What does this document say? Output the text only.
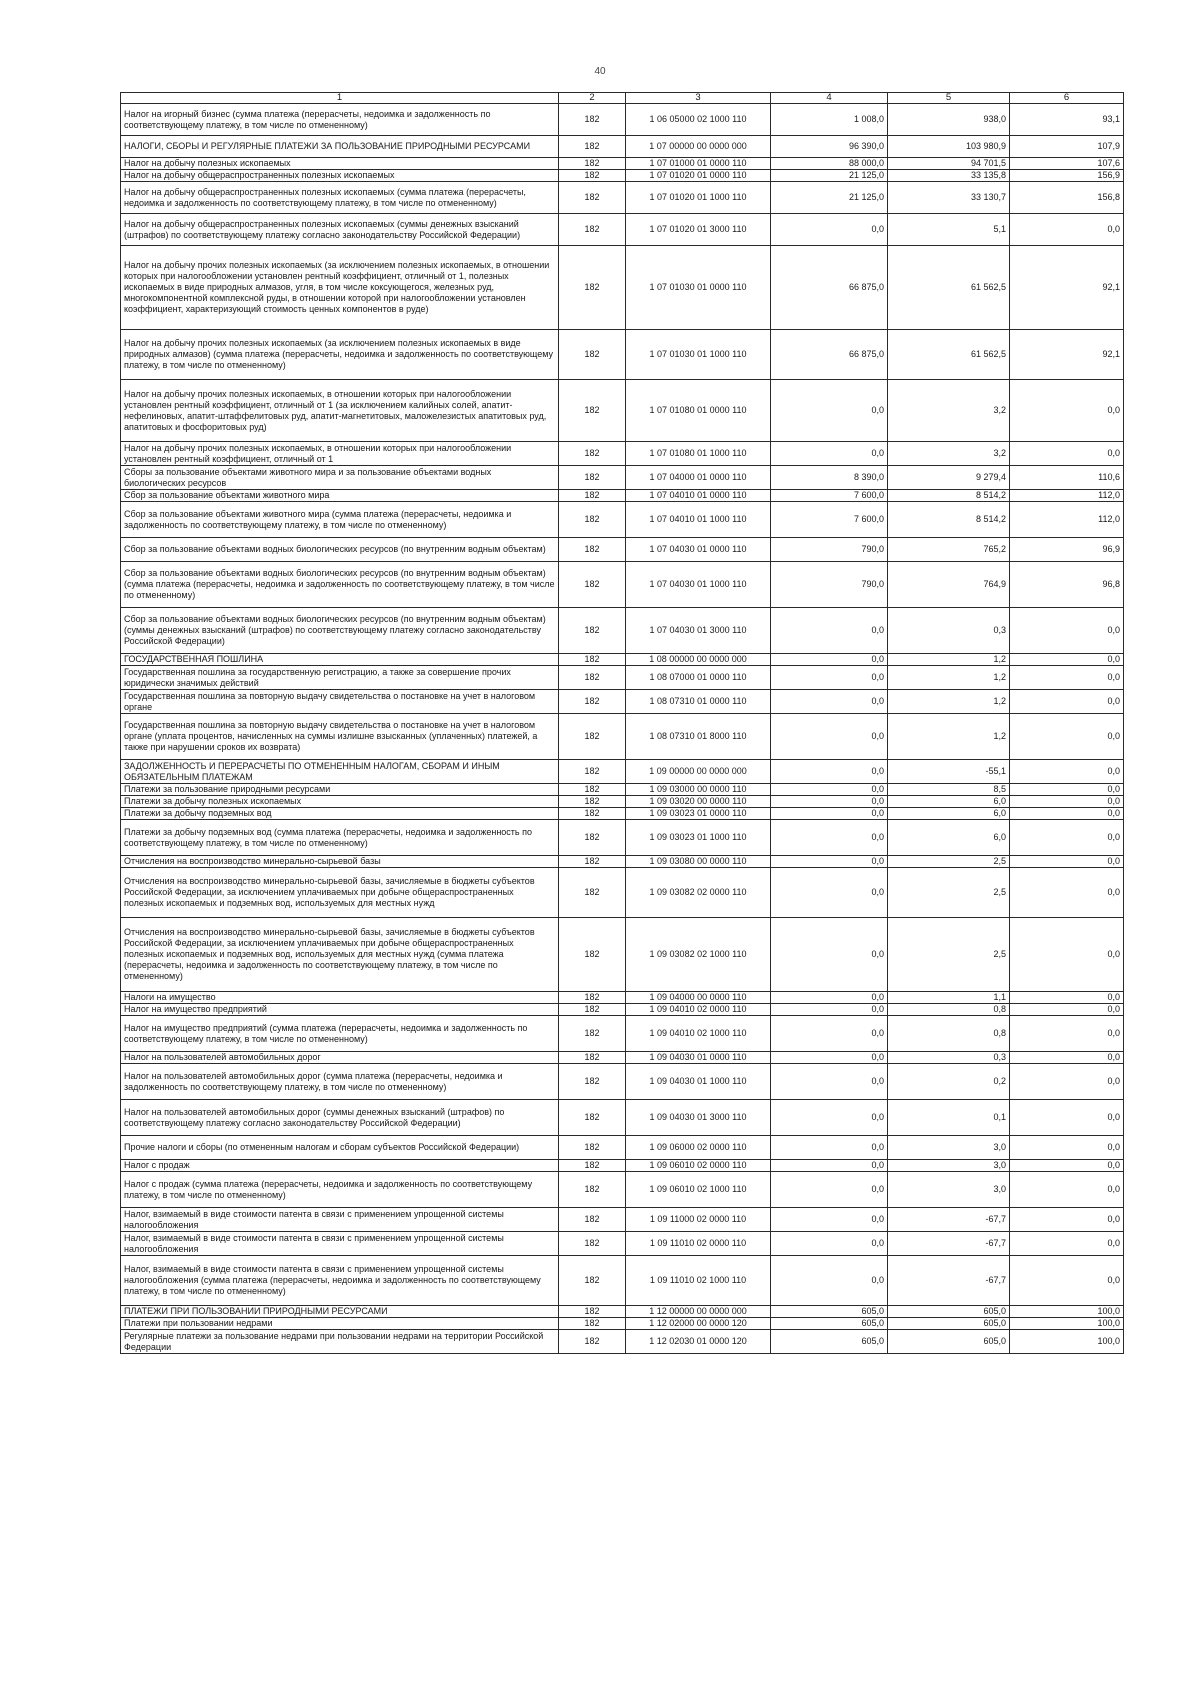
40
1	2	3	4	5	6
Налог на игорный бизнес (сумма платежа (перерасчеты, недоимка и задолженность по соответствующему платежу, в том числе по отмененному)	182	1 06 05000 02 1000 110	1 008,0	938,0	93,1
НАЛОГИ, СБОРЫ И РЕГУЛЯРНЫЕ ПЛАТЕЖИ ЗА ПОЛЬЗОВАНИЕ ПРИРОДНЫМИ РЕСУРСАМИ	182	1 07 00000 00 0000 000	96 390,0	103 980,9	107,9
Налог на добычу полезных ископаемых	182	1 07 01000 01 0000 110	88 000,0	94 701,5	107,6
Налог на добычу общераспространенных полезных ископаемых	182	1 07 01020 01 0000 110	21 125,0	33 135,8	156,9
Налог на добычу общераспространенных полезных ископаемых (сумма платежа (перерасчеты, недоимка и задолженность по соответствующему платежу, в том числе по отмененному)	182	1 07 01020 01 1000 110	21 125,0	33 130,7	156,8
Налог на добычу общераспространенных полезных ископаемых (суммы денежных взысканий (штрафов) по соответствующему платежу согласно законодательству Российской Федерации)	182	1 07 01020 01 3000 110	0,0	5,1	0,0
Налог на добычу прочих полезных ископаемых (за исключением полезных ископаемых, в отношении которых при налогообложении установлен рентный коэффициент, отличный от 1, полезных ископаемых в виде природных алмазов, угля, в том числе коксующегося, железных руд, многокомпонентной комплексной руды, в отношении которой при налогообложении установлен коэффициент, характеризующий стоимость ценных компонентов в руде)	182	1 07 01030 01 0000 110	66 875,0	61 562,5	92,1
Налог на добычу прочих полезных ископаемых (за исключением полезных ископаемых в виде природных алмазов) (сумма платежа (перерасчеты, недоимка и задолженность по соответствующему платежу, в том числе по отмененному)	182	1 07 01030 01 1000 110	66 875,0	61 562,5	92,1
Налог на добычу прочих полезных ископаемых, в отношении которых при налогообложении установлен рентный коэффициент, отличный от 1 (за исключением калийных солей, апатит-нефелиновых, апатит-штаффелитовых руд, апатит-магнетитовых, маложелезистых апатитовых руд, апатитовых и фосфоритовых руд)	182	1 07 01080 01 0000 110	0,0	3,2	0,0
Налог на добычу прочих полезных ископаемых, в отношении которых при налогообложении установлен рентный коэффициент, отличный от 1	182	1 07 01080 01 1000 110	0,0	3,2	0,0
Сборы за пользование объектами животного мира и за пользование объектами водных биологических ресурсов	182	1 07 04000 01 0000 110	8 390,0	9 279,4	110,6
Сбор за пользование объектами животного мира	182	1 07 04010 01 0000 110	7 600,0	8 514,2	112,0
Сбор за пользование объектами животного мира (сумма платежа (перерасчеты, недоимка и задолженность по соответствующему платежу, в том числе по отмененному)	182	1 07 04010 01 1000 110	7 600,0	8 514,2	112,0
Сбор за пользование объектами водных биологических ресурсов (по внутренним водным объектам)	182	1 07 04030 01 0000 110	790,0	765,2	96,9
Сбор за пользование объектами водных биологических ресурсов (по внутренним водным объектам) (сумма платежа (перерасчеты, недоимка и задолженность по соответствующему платежу, в том числе по отмененному)	182	1 07 04030 01 1000 110	790,0	764,9	96,8
Сбор за пользование объектами водных биологических ресурсов (по внутренним водным объектам) (суммы денежных взысканий (штрафов) по соответствующему платежу согласно законодательству Российской Федерации)	182	1 07 04030 01 3000 110	0,0	0,3	0,0
ГОСУДАРСТВЕННАЯ ПОШЛИНА	182	1 08 00000 00 0000 000	0,0	1,2	0,0
Государственная пошлина за государственную регистрацию, а также за совершение прочих юридически значимых действий	182	1 08 07000 01 0000 110	0,0	1,2	0,0
Государственная пошлина за повторную выдачу свидетельства о постановке на учет в налоговом органе	182	1 08 07310 01 0000 110	0,0	1,2	0,0
Государственная пошлина за повторную выдачу свидетельства о постановке на учет в налоговом органе (уплата процентов, начисленных на суммы излишне взысканных (уплаченных) платежей, а также при нарушении сроков их возврата)	182	1 08 07310 01 8000 110	0,0	1,2	0,0
ЗАДОЛЖЕННОСТЬ И ПЕРЕРАСЧЕТЫ ПО ОТМЕНЕННЫМ НАЛОГАМ, СБОРАМ И ИНЫМ ОБЯЗАТЕЛЬНЫМ ПЛАТЕЖАМ	182	1 09 00000 00 0000 000	0,0	-55,1	0,0
Платежи за пользование природными ресурсами	182	1 09 03000 00 0000 110	0,0	8,5	0,0
Платежи за добычу полезных ископаемых	182	1 09 03020 00 0000 110	0,0	6,0	0,0
Платежи за добычу подземных вод	182	1 09 03023 01 0000 110	0,0	6,0	0,0
Платежи за добычу подземных вод (сумма платежа (перерасчеты, недоимка и задолженность по соответствующему платежу, в том числе по отмененному)	182	1 09 03023 01 1000 110	0,0	6,0	0,0
Отчисления на воспроизводство минерально-сырьевой базы	182	1 09 03080 00 0000 110	0,0	2,5	0,0
Отчисления на воспроизводство минерально-сырьевой базы, зачисляемые в бюджеты субъектов Российской Федерации, за исключением уплачиваемых при добыче общераспространенных полезных ископаемых и подземных вод, используемых для местных нужд	182	1 09 03082 02 0000 110	0,0	2,5	0,0
Отчисления на воспроизводство минерально-сырьевой базы, зачисляемые в бюджеты субъектов Российской Федерации, за исключением уплачиваемых при добыче общераспространенных полезных ископаемых и подземных вод, используемых для местных нужд (сумма платежа (перерасчеты, недоимка и задолженность по соответствующему платежу, в том числе по отмененному)	182	1 09 03082 02 1000 110	0,0	2,5	0,0
Налоги на имущество	182	1 09 04000 00 0000 110	0,0	1,1	0,0
Налог на имущество предприятий	182	1 09 04010 02 0000 110	0,0	0,8	0,0
Налог на имущество предприятий (сумма платежа (перерасчеты, недоимка и задолженность по соответствующему платежу, в том числе по отмененному)	182	1 09 04010 02 1000 110	0,0	0,8	0,0
Налог на пользователей автомобильных дорог	182	1 09 04030 01 0000 110	0,0	0,3	0,0
Налог на пользователей автомобильных дорог (сумма платежа (перерасчеты, недоимка и задолженность по соответствующему платежу, в том числе по отмененному)	182	1 09 04030 01 1000 110	0,0	0,2	0,0
Налог на пользователей автомобильных дорог (суммы денежных взысканий (штрафов) по соответствующему платежу согласно законодательству Российской Федерации)	182	1 09 04030 01 3000 110	0,0	0,1	0,0
Прочие налоги и сборы (по отмененным налогам и сборам субъектов Российской Федерации)	182	1 09 06000 02 0000 110	0,0	3,0	0,0
Налог с продаж	182	1 09 06010 02 0000 110	0,0	3,0	0,0
Налог с продаж (сумма платежа (перерасчеты, недоимка и задолженность по соответствующему платежу, в том числе по отмененному)	182	1 09 06010 02 1000 110	0,0	3,0	0,0
Налог, взимаемый в виде стоимости патента в связи с применением упрощенной системы налогообложения	182	1 09 11000 02 0000 110	0,0	-67,7	0,0
Налог, взимаемый в виде стоимости патента в связи с применением упрощенной системы налогообложения	182	1 09 11010 02 0000 110	0,0	-67,7	0,0
Налог, взимаемый в виде стоимости патента в связи с применением упрощенной системы налогообложения (сумма платежа (перерасчеты, недоимка и задолженность по соответствующему платежу, в том числе по отмененному)	182	1 09 11010 02 1000 110	0,0	-67,7	0,0
ПЛАТЕЖИ ПРИ ПОЛЬЗОВАНИИ ПРИРОДНЫМИ РЕСУРСАМИ	182	1 12 00000 00 0000 000	605,0	605,0	100,0
Платежи при пользовании недрами	182	1 12 02000 00 0000 120	605,0	605,0	100,0
Регулярные платежи за пользование недрами при пользовании недрами на территории Российской Федерации	182	1 12 02030 01 0000 120	605,0	605,0	100,0
